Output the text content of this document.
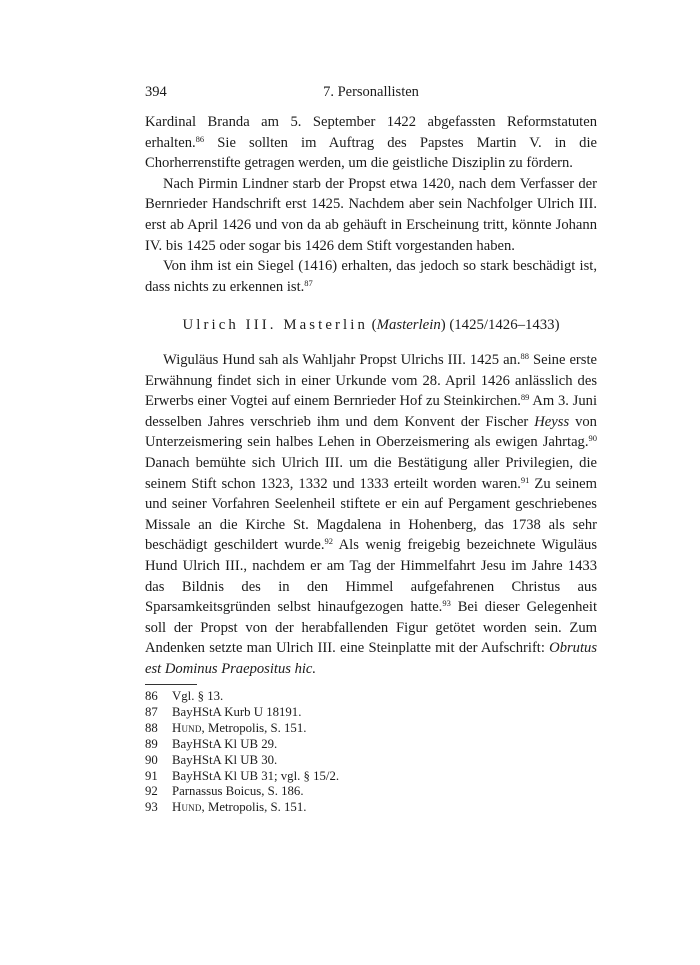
394	7. Personallisten

Kardinal Branda am 5. September 1422 abgefassten Reformstatuten erhalten.$^{86}$ Sie sollten im Auftrag des Papstes Martin V. in die Chorherrenstifte getragen werden, um die geistliche Disziplin zu fördern.

Nach Pirmin Lindner starb der Propst etwa 1420, nach dem Verfasser der Bernrieder Handschrift erst 1425. Nachdem aber sein Nachfolger Ulrich III. erst ab April 1426 und von da ab gehäuft in Erscheinung tritt, könnte Johann IV. bis 1425 oder sogar bis 1426 dem Stift vorgestanden haben.

Von ihm ist ein Siegel (1416) erhalten, das jedoch so stark beschädigt ist, dass nichts zu erkennen ist.$^{87}$

Ulrich III. Masterlin (Masterlein) (1425/1426–1433)

Wiguläus Hund sah als Wahljahr Propst Ulrichs III. 1425 an.$^{88}$ Seine erste Erwähnung findet sich in einer Urkunde vom 28. April 1426 anlässlich des Erwerbs einer Vogtei auf einem Bernrieder Hof zu Steinkirchen.$^{89}$ Am 3. Juni desselben Jahres verschrieb ihm und dem Konvent der Fischer Heyss von Unterzeismering sein halbes Lehen in Oberzeismering als ewigen Jahrtag.$^{90}$ Danach bemühte sich Ulrich III. um die Bestätigung aller Privilegien, die seinem Stift schon 1323, 1332 und 1333 erteilt worden waren.$^{91}$ Zu seinem und seiner Vorfahren Seelenheil stiftete er ein auf Pergament geschriebenes Missale an die Kirche St. Magdalena in Hohenberg, das 1738 als sehr beschädigt geschildert wurde.$^{92}$ Als wenig freigebig bezeichnete Wiguläus Hund Ulrich III., nachdem er am Tag der Himmelfahrt Jesu im Jahre 1433 das Bildnis des in den Himmel aufgefahrenen Christus aus Sparsamkeitsgründen selbst hinaufgezogen hatte.$^{93}$ Bei dieser Gelegenheit soll der Propst von der herabfallenden Figur getötet worden sein. Zum Andenken setzte man Ulrich III. eine Steinplatte mit der Aufschrift: Obrutus est Dominus Praepositus hic.

86 Vgl. § 13.
87 BayHStA Kurb U 18191.
88 Hund, Metropolis, S. 151.
89 BayHStA Kl UB 29.
90 BayHStA Kl UB 30.
91 BayHStA Kl UB 31; vgl. § 15/2.
92 Parnassus Boicus, S. 186.
93 Hund, Metropolis, S. 151.
